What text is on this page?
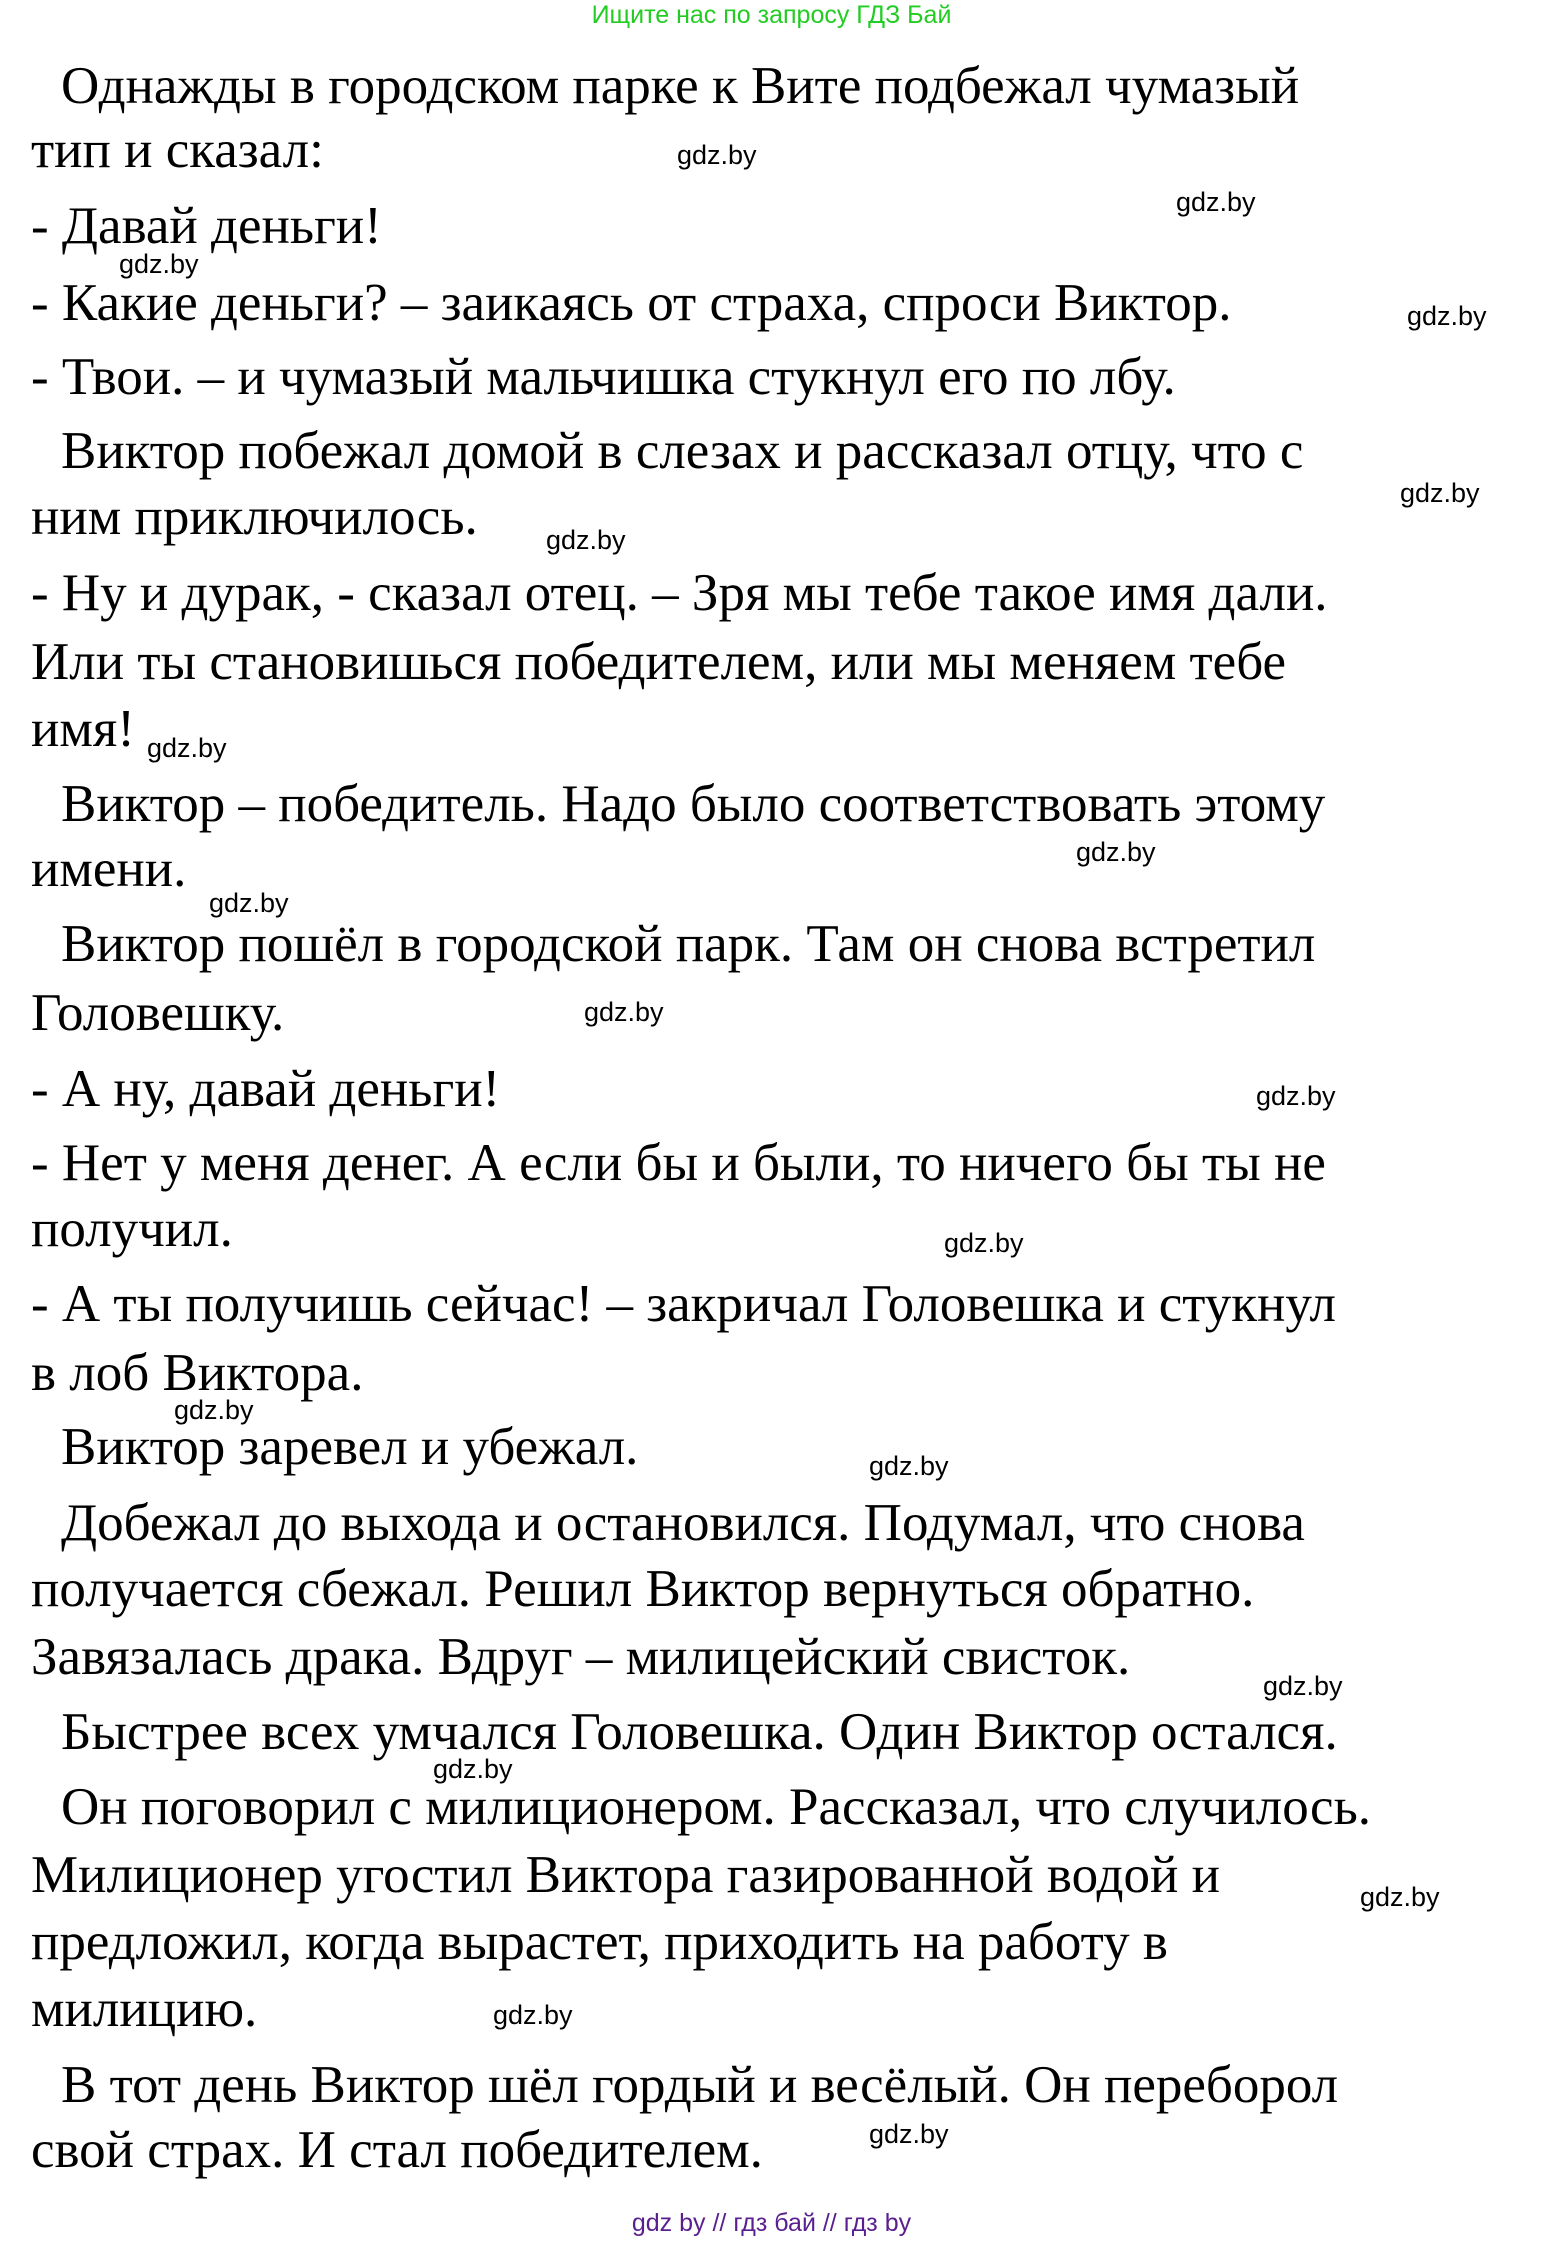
Ищите нас по запросу ГДЗ Бай
Однажды в городском парке к Вите подбежал чумазый
тип и сказал:
- Давай деньги!
- Какие деньги? – заикаясь от страха, спроси Виктор.
- Твои. – и чумазый мальчишка стукнул его по лбу.
Виктор побежал домой в слезах и рассказал отцу, что с
ним приключилось.
- Ну и дурак, - сказал отец. – Зря мы тебе такое имя дали.
Или ты становишься победителем, или мы меняем тебе
имя!
Виктор – победитель. Надо было соответствовать этому
имени.
Виктор пошёл в городской парк. Там он снова встретил
Головешку.
- А ну, давай деньги!
- Нет у меня денег. А если бы и были, то ничего бы ты не
получил.
- А ты получишь сейчас! – закричал Головешка и стукнул
в лоб Виктора.
Виктор заревел и убежал.
Добежал до выхода и остановился. Подумал, что снова
получается сбежал. Решил Виктор вернуться обратно.
Завязалась драка. Вдруг – милицейский свисток.
Быстрее всех умчался Головешка. Один Виктор остался.
Он поговорил с милиционером. Рассказал, что случилось.
Милиционер угостил Виктора газированной водой и
предложил, когда вырастет, приходить на работу в
милицию.
В тот день Виктор шёл гордый и весёлый. Он переборол
свой страх. И стал победителем.
gdz.by
gdz.by
gdz.by
gdz.by
gdz.by
gdz.by
gdz.by
gdz.by
gdz.by
gdz.by
gdz.by
gdz.by
gdz.by
gdz.by
gdz.by
gdz.by
gdz.by
gdz.by
gdz.by
gdz by // гдз бай // гдз by
